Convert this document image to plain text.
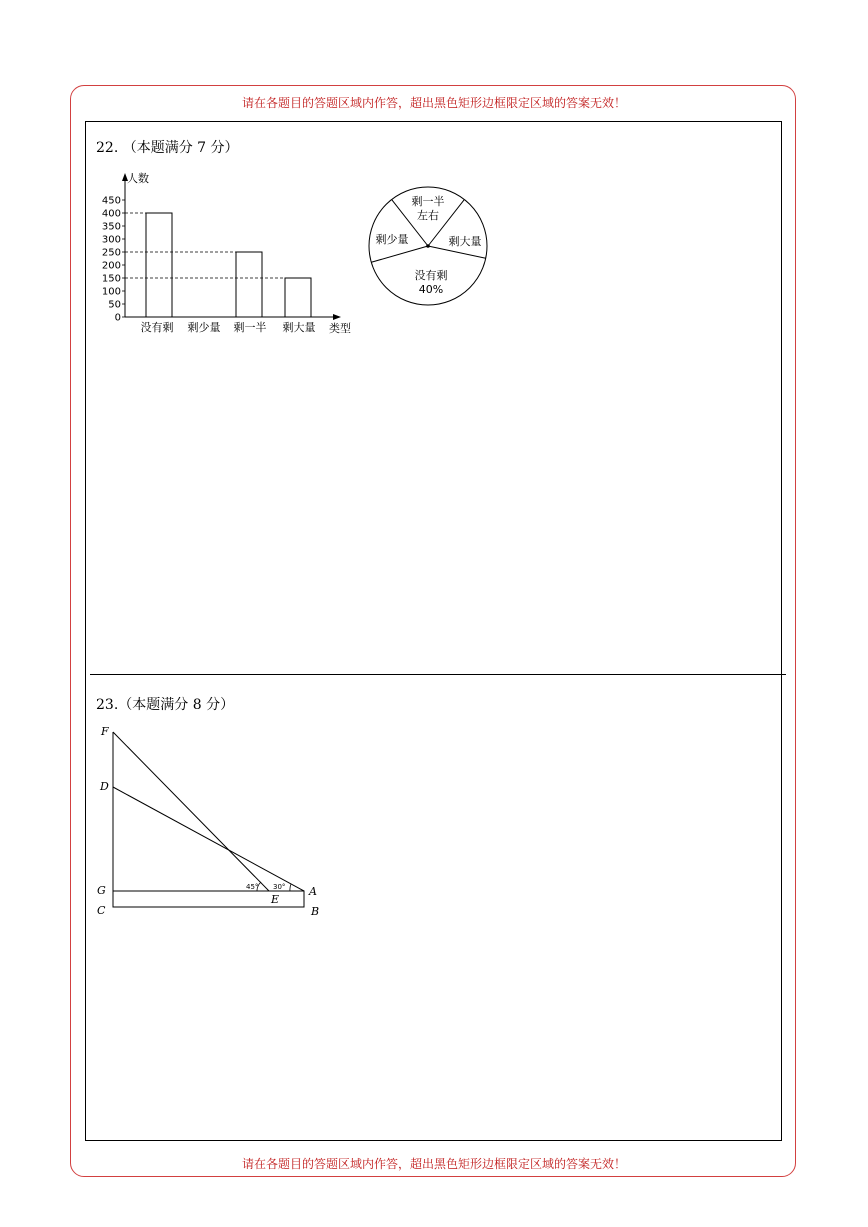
请在各题目的答题区域内作答，超出黑色矩形边框限定区域的答案无效！
22. （本题满分 7 分）
人数
类型
0
50
100
150
200
250
300
350
400
450
没有剩 剩少量 剩一半 剩大量
剩一半
左右
剩大量
没有剩
40%
剩少量
23.（本题满分 8 分）
F
D
G
C
E
A
B
45° 30°
请在各题目的答题区域内作答，超出黑色矩形边框限定区域的答案无效！
